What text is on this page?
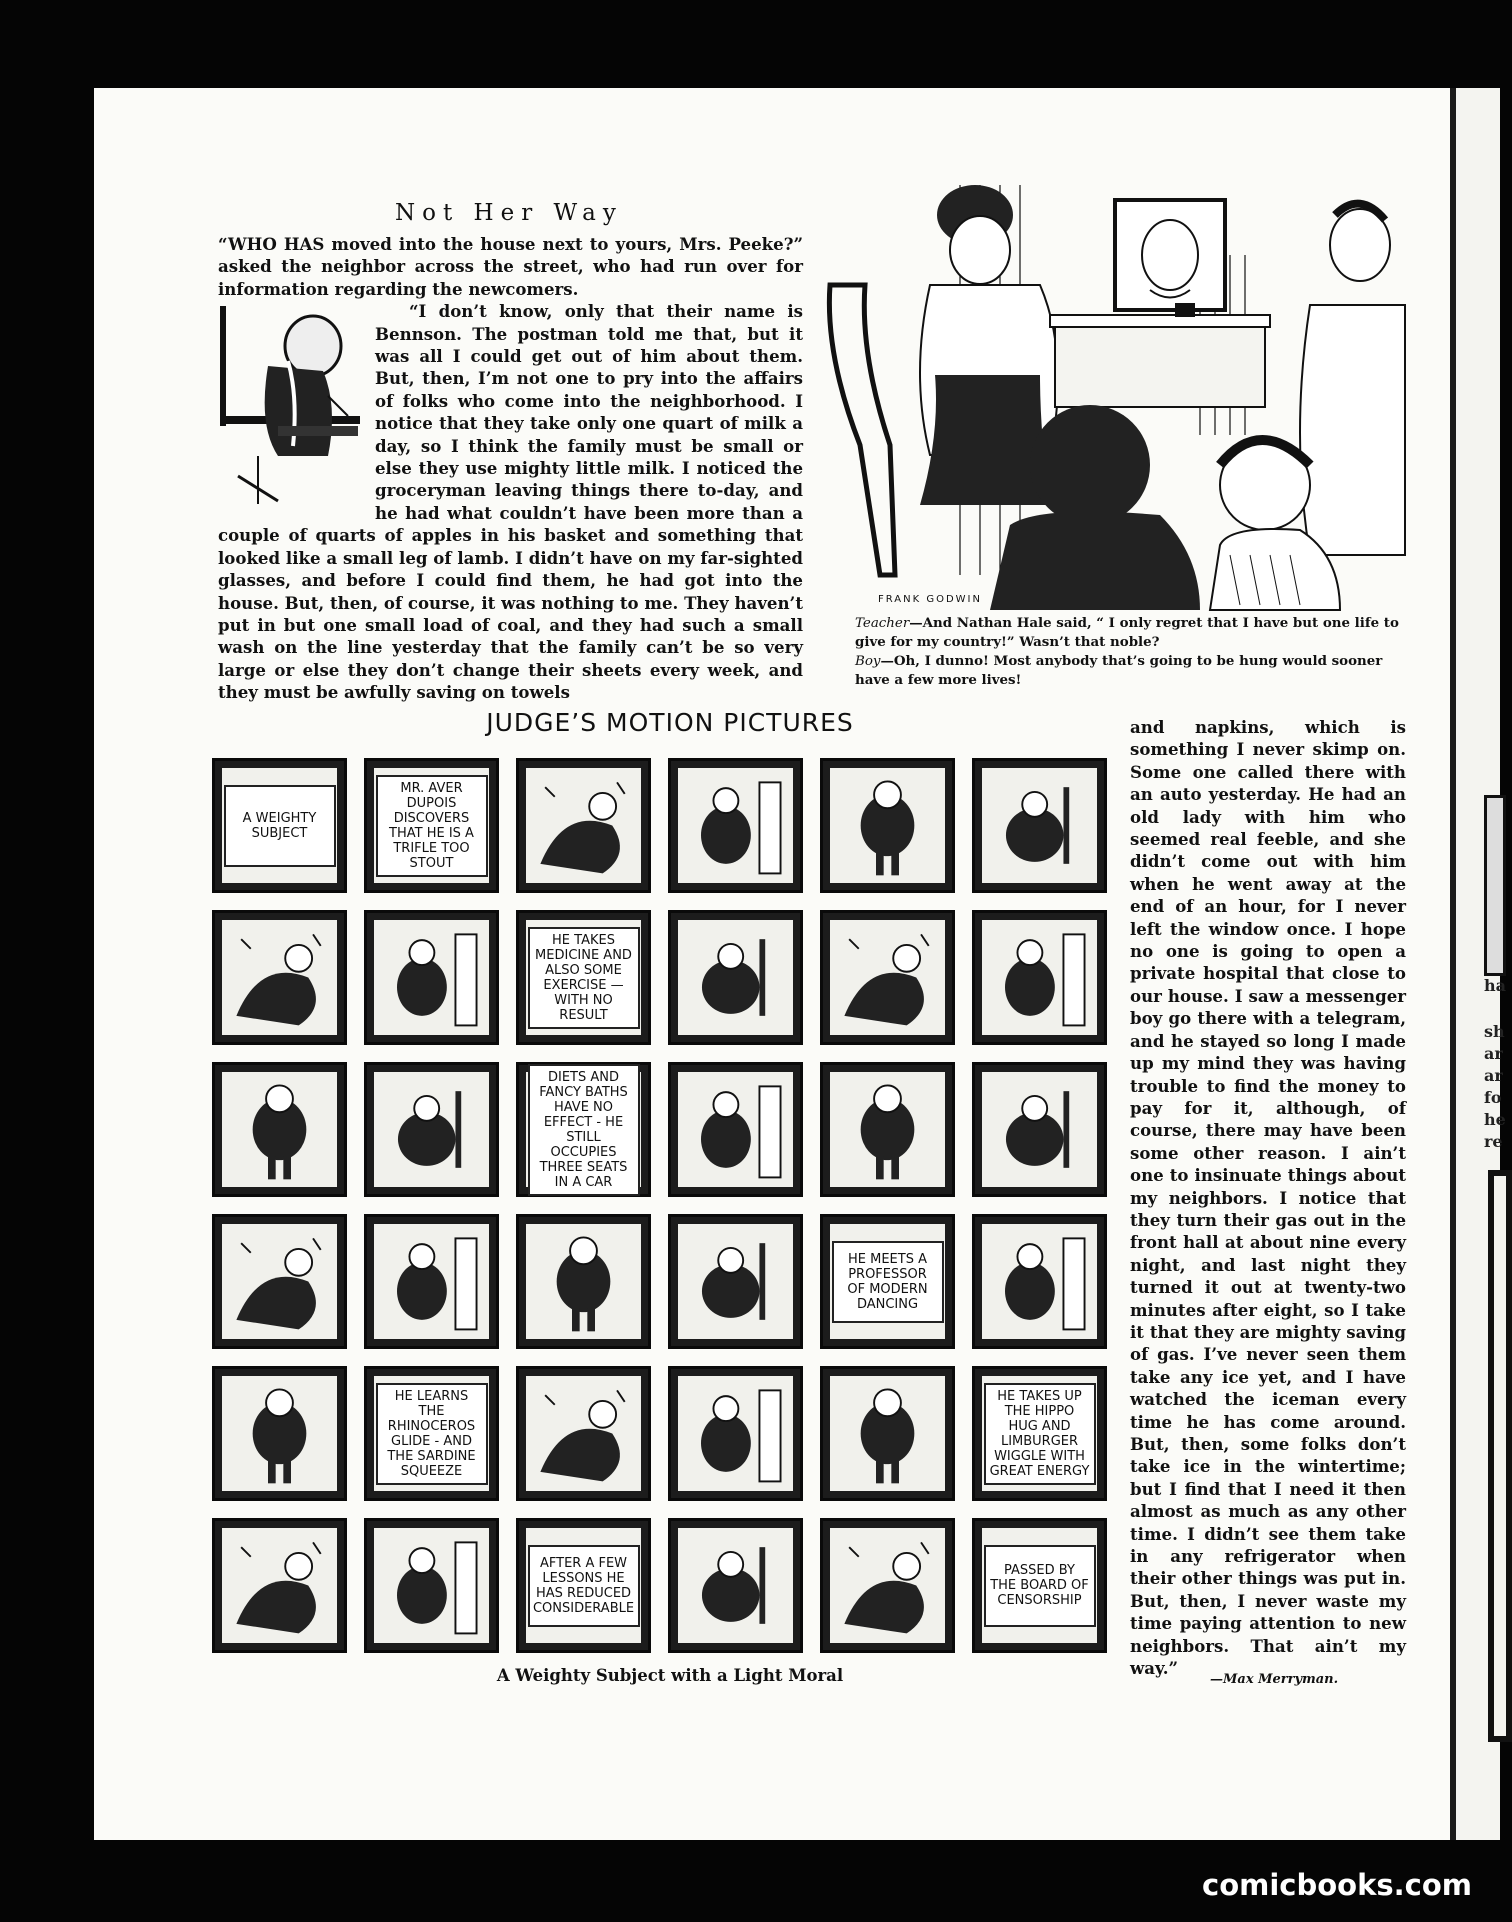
ha
sh
ar
ar
fo
he
re
Not Her Way

“WHO HAS moved into the house next to yours, Mrs. Peeke?” asked the neighbor across the street, who had run over for information regarding the newcomers.

“I don’t know, only that their name is Bennson. The postman told me that, but it was all I could get out of him about them. But, then, I’m not one to pry into the affairs of folks who come into the neighborhood. I notice that they take only one quart of milk a day, so I think the family must be small or else they use mighty little milk. I noticed the groceryman leaving things there to-day, and he had what couldn’t have been more than a couple of quarts of apples in his basket and something that looked like a small leg of lamb. I didn’t have on my far-sighted glasses, and before I could find them, he had got into the house. But, then, of course, it was nothing to me. They haven’t put in but one small load of coal, and they had such a small wash on the line yesterday that the family can’t be so very large or else they don’t change their sheets every week, and they must be awfully saving on towels

FRANK GODWIN

Teacher—And Nathan Hale said, “ I only regret that I have but one life to give for my country!” Wasn’t that noble?

Boy—Oh, I dunno! Most anybody that’s going to be hung would sooner have a few more lives!

JUDGE’S MOTION PICTURES
A WEIGHTY SUBJECT
MR. AVER DUPOIS DISCOVERS THAT HE IS A TRIFLE TOO STOUT
HE TAKES MEDICINE AND ALSO SOME EXERCISE — WITH NO RESULT
DIETS AND FANCY BATHS HAVE NO EFFECT - HE STILL OCCUPIES THREE SEATS IN A CAR
HE MEETS A PROFESSOR OF MODERN DANCING
HE LEARNS THE RHINOCEROS GLIDE - AND THE SARDINE SQUEEZE
HE TAKES UP THE HIPPO HUG AND LIMBURGER WIGGLE WITH GREAT ENERGY
AFTER A FEW LESSONS HE HAS REDUCED CONSIDERABLE
PASSED BY THE BOARD OF CENSORSHIP
A Weighty Subject with a Light Moral

and napkins, which is something I never skimp on. Some one called there with an auto yesterday. He had an old lady with him who seemed real feeble, and she didn’t come out with him when he went away at the end of an hour, for I never left the window once. I hope no one is going to open a private hospital that close to our house. I saw a messenger boy go there with a telegram, and he stayed so long I made up my mind they was having trouble to find the money to pay for it, although, of course, there may have been some other reason. I ain’t one to insinuate things about my neighbors. I notice that they turn their gas out in the front hall at about nine every night, and last night they turned it out at twenty-two minutes after eight, so I take it that they are mighty saving of gas. I’ve never seen them take any ice yet, and I have watched the iceman every time he has come around. But, then, some folks don’t take ice in the wintertime; but I find that I need it then almost as much as any other time. I didn’t see them take in any refrigerator when their other things was put in. But, then, I never waste my time paying attention to new neighbors. That ain’t my way.”

—Max Merryman.
comicbooks.com
